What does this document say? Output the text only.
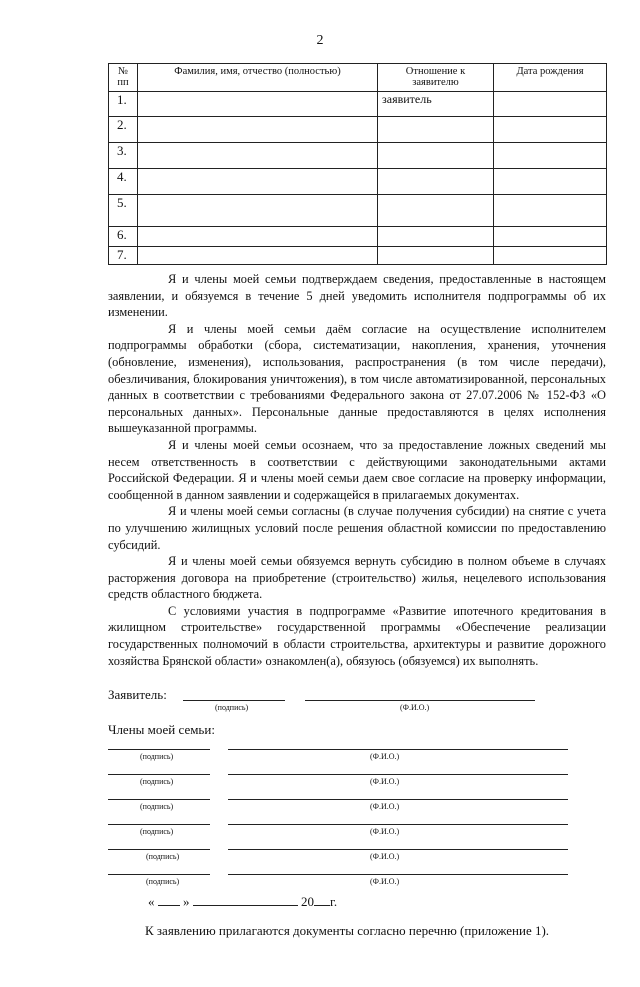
2
№ пп	Фамилия, имя, отчество (полностью)	Отношение к заявителю	Дата рождения
1.		заявитель	
2.			
3.			
4.			
5.			
6.			
7.			

Я и члены моей семьи подтверждаем сведения, предоставленные в настоящем заявлении, и обязуемся в течение 5 дней уведомить исполнителя подпрограммы об их изменении.

Я и члены моей семьи даём согласие на осуществление исполнителем подпрограммы обработки (сбора, систематизации, накопления, хранения, уточнения (обновление, изменения), использования, распространения (в том числе передачи), обезличивания, блокирования уничтожения), в том числе автоматизированной, персональных данных в соответствии с требованиями Федерального закона от 27.07.2006 № 152-ФЗ «О персональных данных». Персональные данные предоставляются в целях исполнения вышеуказанной программы.

Я и члены моей семьи осознаем, что за предоставление ложных сведений мы несем ответственность в соответствии с действующими законодательными актами Российской Федерации. Я и члены моей семьи даем свое согласие на проверку информации, сообщенной в данном заявлении и содержащейся в прилагаемых документах.

Я и члены моей семьи согласны (в случае получения субсидии) на снятие с учета по улучшению жилищных условий после решения областной комиссии по предоставлению субсидий.

Я и члены моей семьи обязуемся вернуть субсидию в полном объеме в случаях расторжения договора на приобретение (строительство) жилья, нецелевого использования средств областного бюджета.

С условиями участия в подпрограмме «Развитие ипотечного кредитования в жилищном строительстве» государственной программы «Обеспечение реализации государственных полномочий в области строительства, архитектуры и развитие дорожного хозяйства Брянской области» ознакомлен(а), обязуюсь (обязуемся) их выполнять.

Заявитель:
(подпись)	(Ф.И.О.)
Члены моей семьи:
(подпись)	(Ф.И.О.)
(подпись)	(Ф.И.О.)
(подпись)	(Ф.И.О.)
(подпись)	(Ф.И.О.)
(подпись)	(Ф.И.О.)
(подпись)	(Ф.И.О.)
« »	20 г.
К заявлению прилагаются документы согласно перечню (приложение 1).
